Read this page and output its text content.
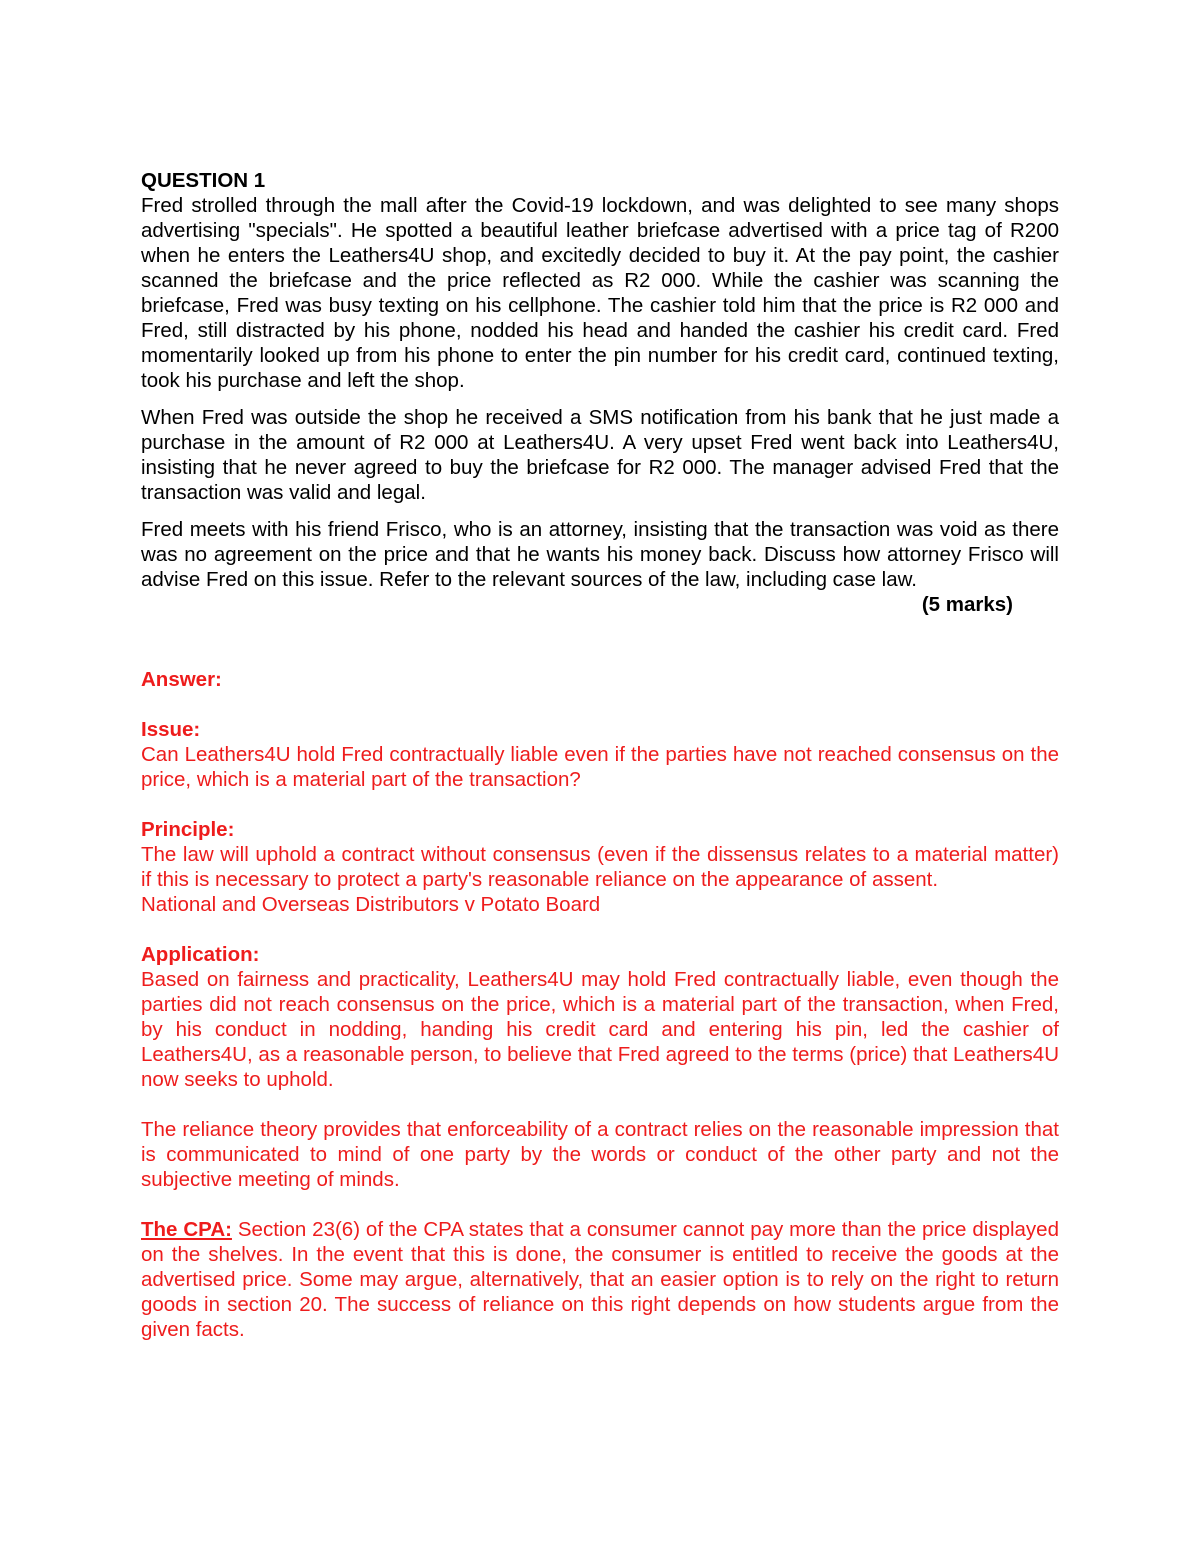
QUESTION 1

Fred strolled through the mall after the Covid-19 lockdown, and was delighted to see many shops advertising "specials". He spotted a beautiful leather briefcase advertised with a price tag of R200 when he enters the Leathers4U shop, and excitedly decided to buy it. At the pay point, the cashier scanned the briefcase and the price reflected as R2 000. While the cashier was scanning the briefcase, Fred was busy texting on his cellphone. The cashier told him that the price is R2 000 and Fred, still distracted by his phone, nodded his head and handed the cashier his credit card. Fred momentarily looked up from his phone to enter the pin number for his credit card, continued texting, took his purchase and left the shop.

When Fred was outside the shop he received a SMS notification from his bank that he just made a purchase in the amount of R2 000 at Leathers4U. A very upset Fred went back into Leathers4U, insisting that he never agreed to buy the briefcase for R2 000. The manager advised Fred that the transaction was valid and legal.

Fred meets with his friend Frisco, who is an attorney, insisting that the transaction was void as there was no agreement on the price and that he wants his money back. Discuss how attorney Frisco will advise Fred on this issue. Refer to the relevant sources of the law, including case law.

(5 marks)

Answer:

Issue:

Can Leathers4U hold Fred contractually liable even if the parties have not reached consensus on the price, which is a material part of the transaction?

Principle:

The law will uphold a contract without consensus (even if the dissensus relates to a material matter) if this is necessary to protect a party's reasonable reliance on the appearance of assent.

National and Overseas Distributors v Potato Board

Application:

Based on fairness and practicality, Leathers4U may hold Fred contractually liable, even though the parties did not reach consensus on the price, which is a material part of the transaction, when Fred, by his conduct in nodding, handing his credit card and entering his pin, led the cashier of Leathers4U, as a reasonable person, to believe that Fred agreed to the terms (price) that Leathers4U now seeks to uphold.

The reliance theory provides that enforceability of a contract relies on the reasonable impression that is communicated to mind of one party by the words or conduct of the other party and not the subjective meeting of minds.

The CPA: Section 23(6) of the CPA states that a consumer cannot pay more than the price displayed on the shelves. In the event that this is done, the consumer is entitled to receive the goods at the advertised price. Some may argue, alternatively, that an easier option is to rely on the right to return goods in section 20. The success of reliance on this right depends on how students argue from the given facts.
